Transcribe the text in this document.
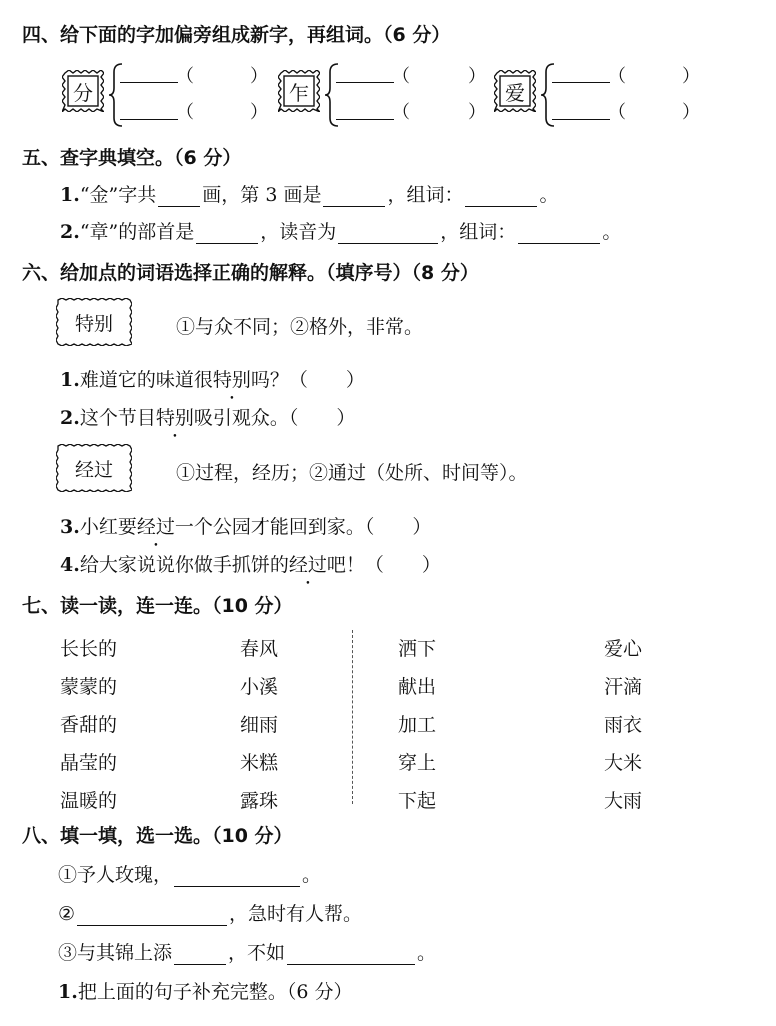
四、给下面的字加偏旁组成新字，再组词。（6 分）
分
（	）
（	）
乍
（	）
（	）
爱
（	）
（	）
五、查字典填空。（6 分）
1.“金”字共 画，第 3 画是	，组词：	。
2.“章”的部首是	，读音为	，组词：	。
六、给加点的词语选择正确的解释。（填序号）（8 分）
特别	①与众不同；②格外，非常。
1.难道它的味道很特别吗？（　　）
2.这个节目特别吸引观众。（　　）
经过	①过程，经历；②通过（处所、时间等）。
3.小红要经过一个公园才能回到家。（　　）
4.给大家说说你做手抓饼的经过吧！（　　）
七、读一读，连一连。（10 分）
长长的
蒙蒙的
香甜的
晶莹的
温暖的
春风
小溪
细雨
米糕
露珠
洒下
献出
加工
穿上
下起
爱心
汗滴
雨衣
大米
大雨
八、填一填，选一选。（10 分）
①予人玫瑰，	。
②	，急时有人帮。
③与其锦上添	，不如	。
1.把上面的句子补充完整。（6 分）
